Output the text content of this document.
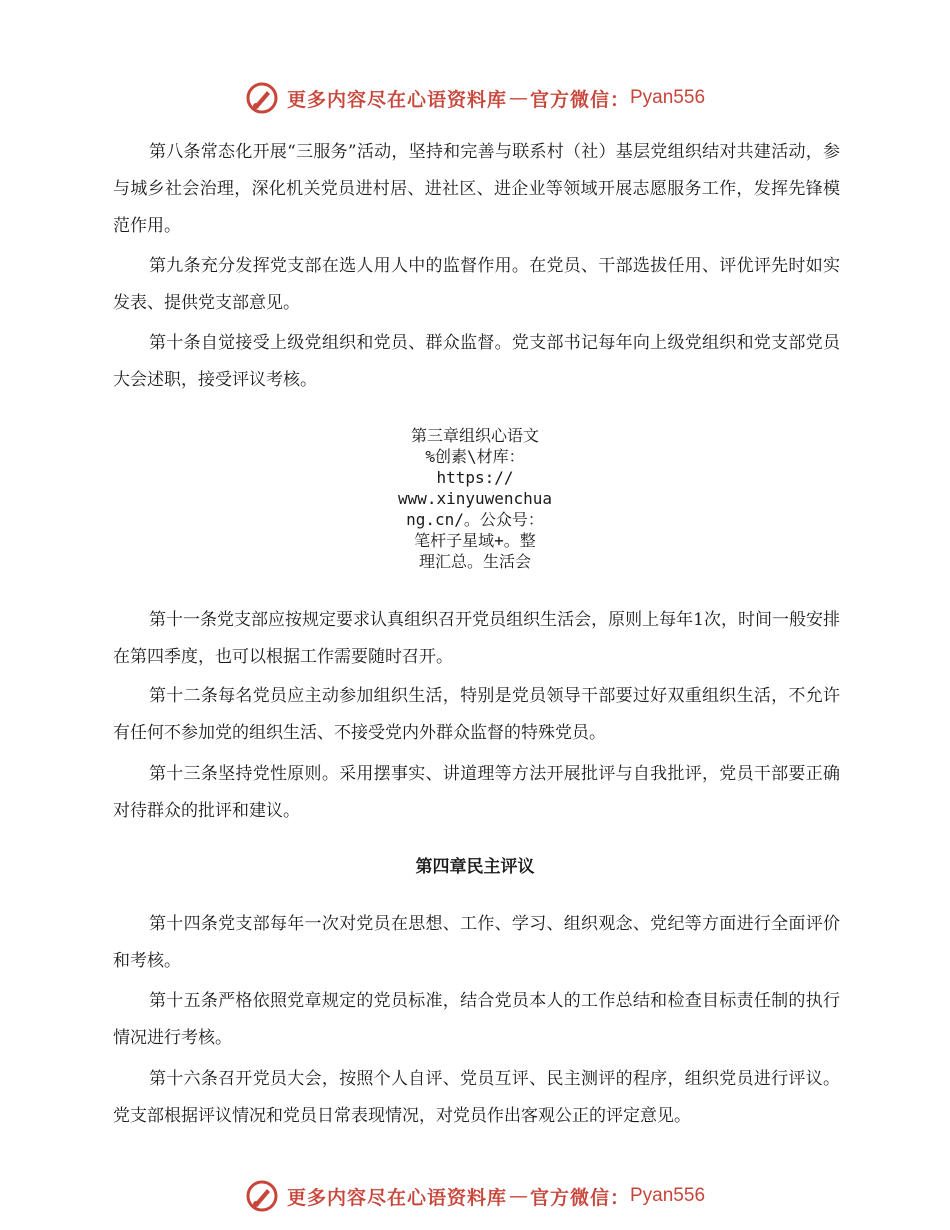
更多内容尽在心语资料库 — 官方微信： Pyan556

第八条常态化开展“三服务”活动，坚持和完善与联系村（社）基层党组织结对共建活动，参与城乡社会治理，深化机关党员进村居、进社区、进企业等领域开展志愿服务工作，发挥先锋模范作用。

第九条充分发挥党支部在选人用人中的监督作用。在党员、干部选拔任用、评优评先时如实发表、提供党支部意见。

第十条自觉接受上级党组织和党员、群众监督。党支部书记每年向上级党组织和党支部党员大会述职，接受评议考核。

第三章组织心语文
%创素\材库：
https://
www.xinyuwenchua
ng.cn/。公众号：
笔杆子星域+。整
理汇总。生活会

第十一条党支部应按规定要求认真组织召开党员组织生活会，原则上每年1次，时间一般安排在第四季度，也可以根据工作需要随时召开。

第十二条每名党员应主动参加组织生活，特别是党员领导干部要过好双重组织生活，不允许有任何不参加党的组织生活、不接受党内外群众监督的特殊党员。

第十三条坚持党性原则。采用摆事实、讲道理等方法开展批评与自我批评，党员干部要正确对待群众的批评和建议。

第四章民主评议

第十四条党支部每年一次对党员在思想、工作、学习、组织观念、党纪等方面进行全面评价和考核。

第十五条严格依照党章规定的党员标准，结合党员本人的工作总结和检查目标责任制的执行情况进行考核。

第十六条召开党员大会，按照个人自评、党员互评、民主测评的程序，组织党员进行评议。党支部根据评议情况和党员日常表现情况，对党员作出客观公正的评定意见。

更多内容尽在心语资料库 — 官方微信： Pyan556
